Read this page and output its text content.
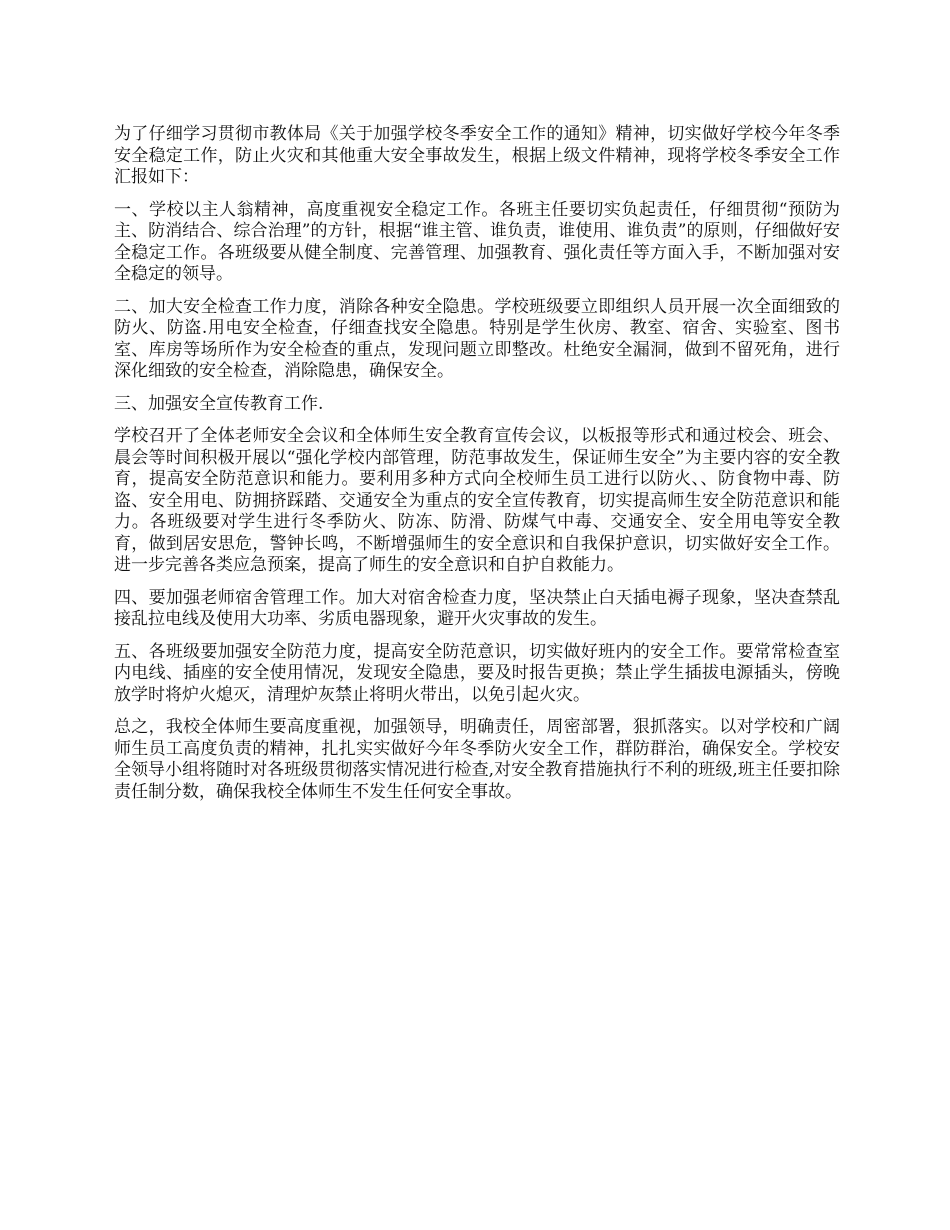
为了仔细学习贯彻市教体局《关于加强学校冬季安全工作的通知》精神，切实做好学校今年冬季安全稳定工作，防止火灾和其他重大安全事故发生，根据上级文件精神，现将学校冬季安全工作汇报如下：

一、学校以主人翁精神，高度重视安全稳定工作。各班主任要切实负起责任，仔细贯彻“预防为主、防消结合、综合治理”的方针，根据“谁主管、谁负责，谁使用、谁负责”的原则，仔细做好安全稳定工作。各班级要从健全制度、完善管理、加强教育、强化责任等方面入手，不断加强对安全稳定的领导。

二、加大安全检查工作力度，消除各种安全隐患。学校班级要立即组织人员开展一次全面细致的防火、防盗.用电安全检查，仔细查找安全隐患。特别是学生伙房、教室、宿舍、实验室、图书室、库房等场所作为安全检查的重点，发现问题立即整改。杜绝安全漏洞，做到不留死角，进行深化细致的安全检查，消除隐患，确保安全。

三、加强安全宣传教育工作.

学校召开了全体老师安全会议和全体师生安全教育宣传会议，以板报等形式和通过校会、班会、晨会等时间积极开展以“强化学校内部管理，防范事故发生，保证师生安全”为主要内容的安全教育，提高安全防范意识和能力。要利用多种方式向全校师生员工进行以防火、、防食物中毒、防盗、安全用电、防拥挤踩踏、交通安全为重点的安全宣传教育，切实提高师生安全防范意识和能力。各班级要对学生进行冬季防火、防冻、防滑、防煤气中毒、交通安全、安全用电等安全教育，做到居安思危，警钟长鸣，不断增强师生的安全意识和自我保护意识，切实做好安全工作。进一步完善各类应急预案，提高了师生的安全意识和自护自救能力。

四、要加强老师宿舍管理工作。加大对宿舍检查力度，坚决禁止白天插电褥子现象，坚决查禁乱接乱拉电线及使用大功率、劣质电器现象，避开火灾事故的发生。

五、各班级要加强安全防范力度，提高安全防范意识，切实做好班内的安全工作。要常常检查室内电线、插座的安全使用情况，发现安全隐患，要及时报告更换；禁止学生插拔电源插头，傍晚放学时将炉火熄灭，清理炉灰禁止将明火带出，以免引起火灾。

总之，我校全体师生要高度重视，加强领导，明确责任，周密部署，狠抓落实。以对学校和广阔师生员工高度负责的精神，扎扎实实做好今年冬季防火安全工作，群防群治，确保安全。学校安全领导小组将随时对各班级贯彻落实情况进行检查,对安全教育措施执行不利的班级,班主任要扣除责任制分数，确保我校全体师生不发生任何安全事故。
